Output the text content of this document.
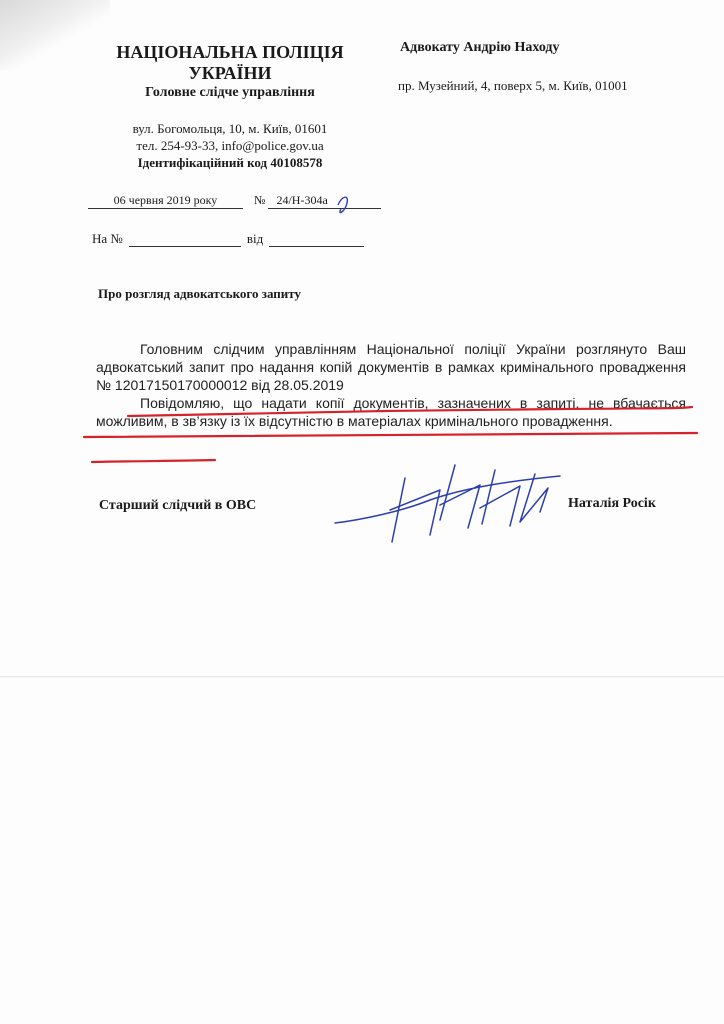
НАЦІОНАЛЬНА ПОЛІЦІЯ УКРАЇНИ
Головне слідче управління
вул. Богомольця, 10, м. Київ, 01601
тел. 254-93-33, info@police.gov.ua
Ідентифікаційний код 40108578
Адвокату Андрію Находу
пр. Музейний, 4, поверх 5, м. Київ, 01001
06 червня 2019 року	№ 24/Н-304а
На №	від
Про розгляд адвокатського запиту

Головним слідчим управлінням Національної поліції України розглянуто Ваш адвокатський запит про надання копій документів в рамках кримінального провадження № 12017150170000012 від 28.05.2019

Повідомляю, що надати копії документів, зазначених в запиті, не вбачається можливим, в зв’язку із їх відсутністю в матеріалах кримінального провадження.

Старший слідчий в ОВС	Наталія Росік
